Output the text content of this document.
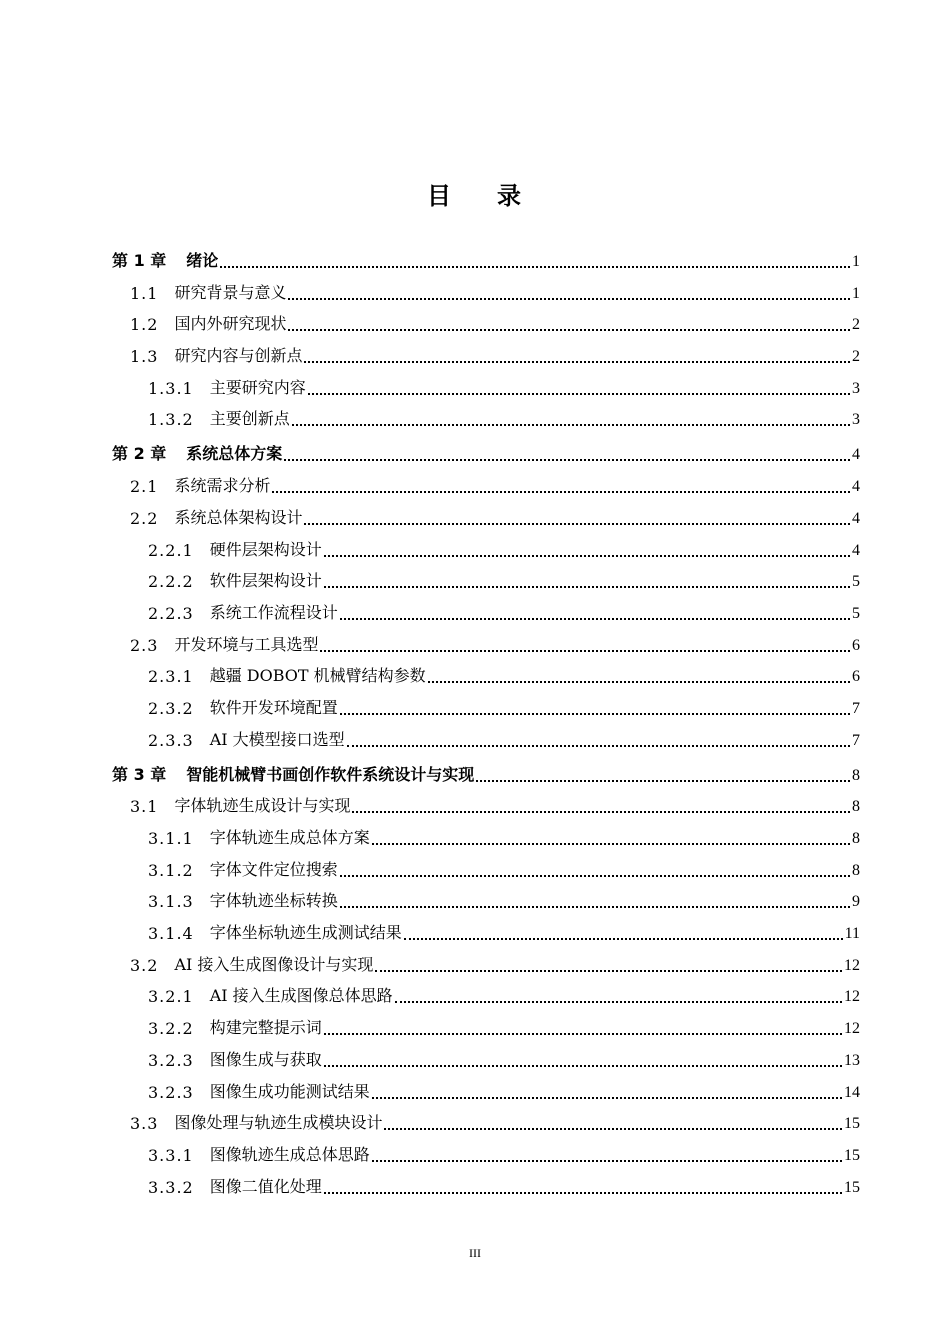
目 录
第 1 章 绪论	1
1.1 研究背景与意义	1
1.2 国内外研究现状	2
1.3 研究内容与创新点	2
1.3.1 主要研究内容	3
1.3.2 主要创新点	3
第 2 章 系统总体方案	4
2.1 系统需求分析	4
2.2 系统总体架构设计	4
2.2.1 硬件层架构设计	4
2.2.2 软件层架构设计	5
2.2.3 系统工作流程设计	5
2.3 开发环境与工具选型	6
2.3.1 越疆 DOBOT 机械臂结构参数	6
2.3.2 软件开发环境配置	7
2.3.3 AI 大模型接口选型	7
第 3 章 智能机械臂书画创作软件系统设计与实现	8
3.1 字体轨迹生成设计与实现	8
3.1.1 字体轨迹生成总体方案	8
3.1.2 字体文件定位搜索	8
3.1.3 字体轨迹坐标转换	9
3.1.4 字体坐标轨迹生成测试结果	11
3.2 AI 接入生成图像设计与实现	12
3.2.1 AI 接入生成图像总体思路	12
3.2.2 构建完整提示词	12
3.2.3 图像生成与获取	13
3.2.3 图像生成功能测试结果	14
3.3 图像处理与轨迹生成模块设计	15
3.3.1 图像轨迹生成总体思路	15
3.3.2 图像二值化处理	15
III
